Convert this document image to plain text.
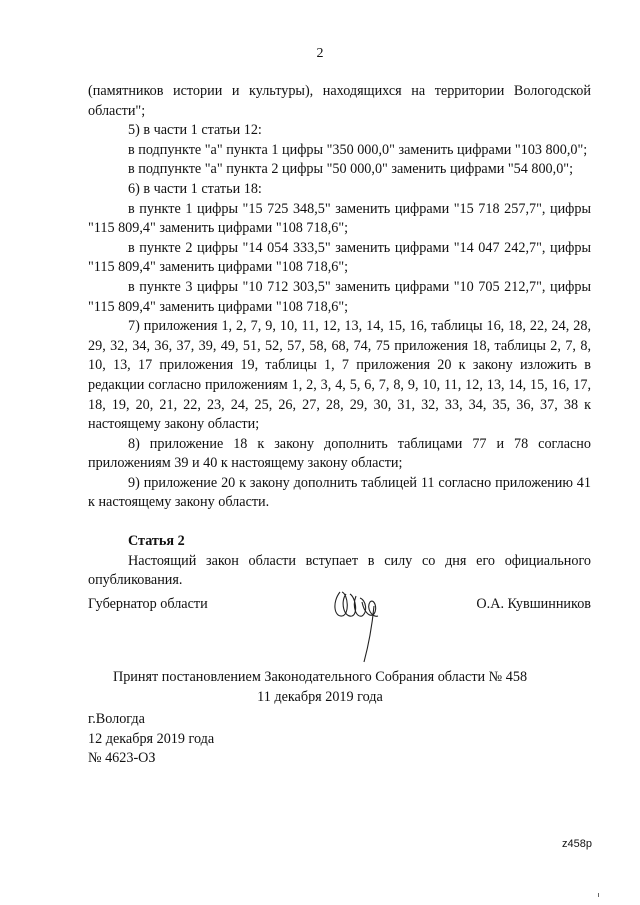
2

(памятников истории и культуры), находящихся на территории Вологодской области";

5) в части 1 статьи 12:

в подпункте "а" пункта 1 цифры "350 000,0" заменить цифрами "103 800,0";

в подпункте "а" пункта 2 цифры "50 000,0" заменить цифрами "54 800,0";

6) в части 1 статьи 18:

в пункте 1 цифры "15 725 348,5" заменить цифрами "15 718 257,7", цифры "115 809,4" заменить цифрами "108 718,6";

в пункте 2 цифры "14 054 333,5" заменить цифрами "14 047 242,7", цифры "115 809,4" заменить цифрами "108 718,6";

в пункте 3 цифры "10 712 303,5" заменить цифрами "10 705 212,7", цифры "115 809,4" заменить цифрами "108 718,6";

7) приложения 1, 2, 7, 9, 10, 11, 12, 13, 14, 15, 16, таблицы 16, 18, 22, 24, 28, 29, 32, 34, 36, 37, 39, 49, 51, 52, 57, 58, 68, 74, 75 приложения 18, таблицы 2, 7, 8, 10, 13, 17 приложения 19, таблицы 1, 7 приложения 20 к закону изложить в редакции согласно приложениям 1, 2, 3, 4, 5, 6, 7, 8, 9, 10, 11, 12, 13, 14, 15, 16, 17, 18, 19, 20, 21, 22, 23, 24, 25, 26, 27, 28, 29, 30, 31, 32, 33, 34, 35, 36, 37, 38 к настоящему закону области;

8) приложение 18 к закону дополнить таблицами 77 и 78 согласно приложениям 39 и 40 к настоящему закону области;

9) приложение 20 к закону дополнить таблицей 11 согласно приложению 41 к настоящему закону области.

Статья 2

Настоящий закон области вступает в силу со дня его официального опубликования.

Губернатор области	О.А. Кувшинников
Принят постановлением Законодательного Собрания области № 458
11 декабря 2019 года
г.Вологда
12 декабря 2019 года
№ 4623-ОЗ
z458p
